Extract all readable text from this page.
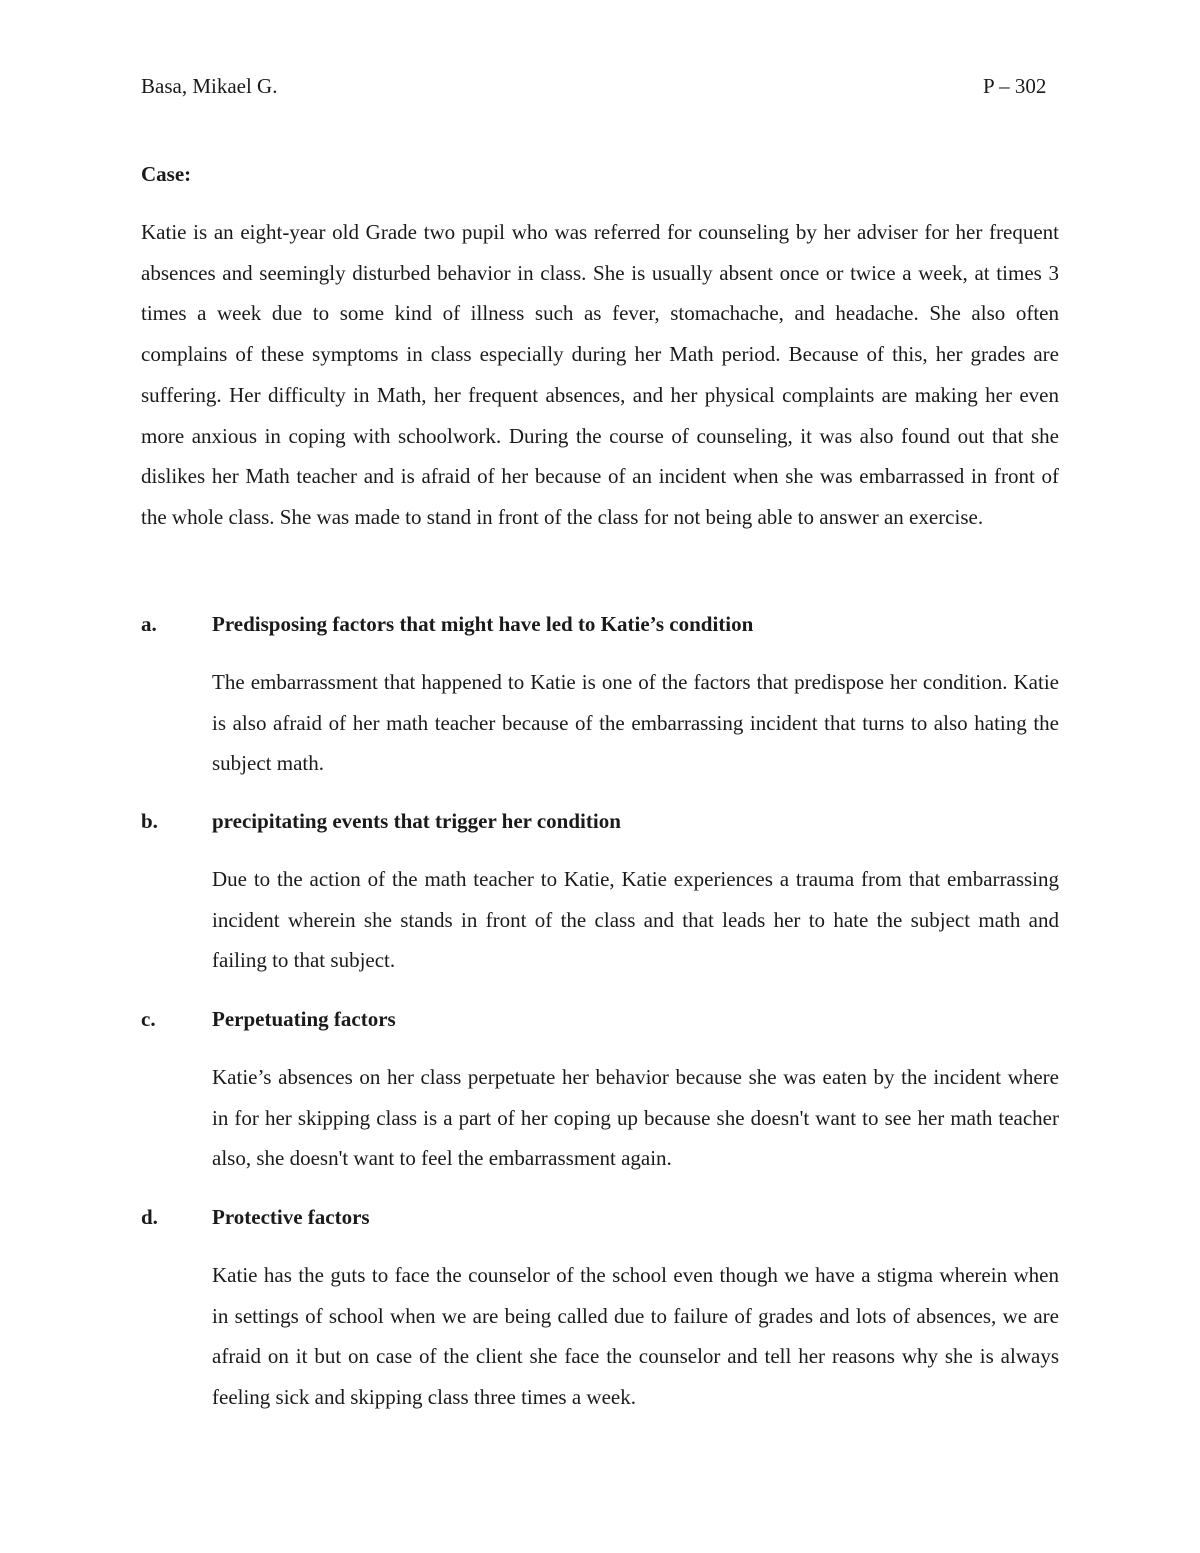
Basa, Mikael G.	P – 302
Case:

Katie is an eight-year old Grade two pupil who was referred for counseling by her adviser for her frequent absences and seemingly disturbed behavior in class. She is usually absent once or twice a week, at times 3 times a week due to some kind of illness such as fever, stomachache, and headache. She also often complains of these symptoms in class especially during her Math period. Because of this, her grades are suffering. Her difficulty in Math, her frequent absences, and her physical complaints are making her even more anxious in coping with schoolwork. During the course of counseling, it was also found out that she dislikes her Math teacher and is afraid of her because of an incident when she was embarrassed in front of the whole class. She was made to stand in front of the class for not being able to answer an exercise.

a.	Predisposing factors that might have led to Katie’s condition

The embarrassment that happened to Katie is one of the factors that predispose her condition. Katie is also afraid of her math teacher because of the embarrassing incident that turns to also hating the subject math.

b.	precipitating events that trigger her condition

Due to the action of the math teacher to Katie, Katie experiences a trauma from that embarrassing incident wherein she stands in front of the class and that leads her to hate the subject math and failing to that subject.

c.	Perpetuating factors

Katie’s absences on her class perpetuate her behavior because she was eaten by the incident where in for her skipping class is a part of her coping up because she doesn't want to see her math teacher also, she doesn't want to feel the embarrassment again.

d.	Protective factors

Katie has the guts to face the counselor of the school even though we have a stigma wherein when in settings of school when we are being called due to failure of grades and lots of absences, we are afraid on it but on case of the client she face the counselor and tell her reasons why she is always feeling sick and skipping class three times a week.
